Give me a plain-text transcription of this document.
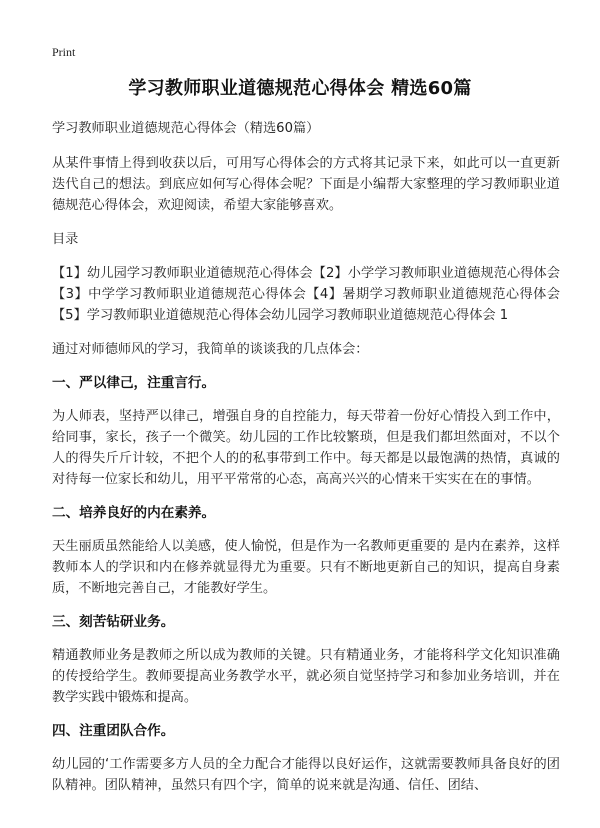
Print
学习教师职业道德规范心得体会 精选60篇

学习教师职业道德规范心得体会（精选60篇）

从某件事情上得到收获以后，可用写心得体会的方式将其记录下来，如此可以一直更新迭代自己的想法。到底应如何写心得体会呢？下面是小编帮大家整理的学习教师职业道德规范心得体会，欢迎阅读，希望大家能够喜欢。

目录

【1】幼儿园学习教师职业道德规范心得体会【2】小学学习教师职业道德规范心得体会【3】中学学习教师职业道德规范心得体会【4】暑期学习教师职业道德规范心得体会【5】学习教师职业道德规范心得体会幼儿园学习教师职业道德规范心得体会 1

通过对师德师风的学习，我简单的谈谈我的几点体会：

一、严以律己，注重言行。

为人师表，坚持严以律己，增强自身的自控能力，每天带着一份好心情投入到工作中，给同事，家长，孩子一个微笑。幼儿园的工作比较繁琐，但是我们都坦然面对，不以个人的得失斤斤计较，不把个人的的私事带到工作中。每天都是以最饱满的热情，真诚的对待每一位家长和幼儿，用平平常常的心态，高高兴兴的心情来干实实在在的事情。

二、培养良好的内在素养。

天生丽质虽然能给人以美感，使人愉悦，但是作为一名教师更重要的 是内在素养，这样教师本人的学识和内在修养就显得尤为重要。只有不断地更新自己的知识，提高自身素质，不断地完善自己，才能教好学生。

三、刻苦钻研业务。

精通教师业务是教师之所以成为教师的关键。只有精通业务，才能将科学文化知识准确的传授给学生。教师要提高业务教学水平，就必须自觉坚持学习和参加业务培训，并在教学实践中锻炼和提高。

四、注重团队合作。

幼儿园的‘工作需要多方人员的全力配合才能得以良好运作，这就需要教师具备良好的团队精神。团队精神，虽然只有四个字，简单的说来就是沟通、信任、团结、
